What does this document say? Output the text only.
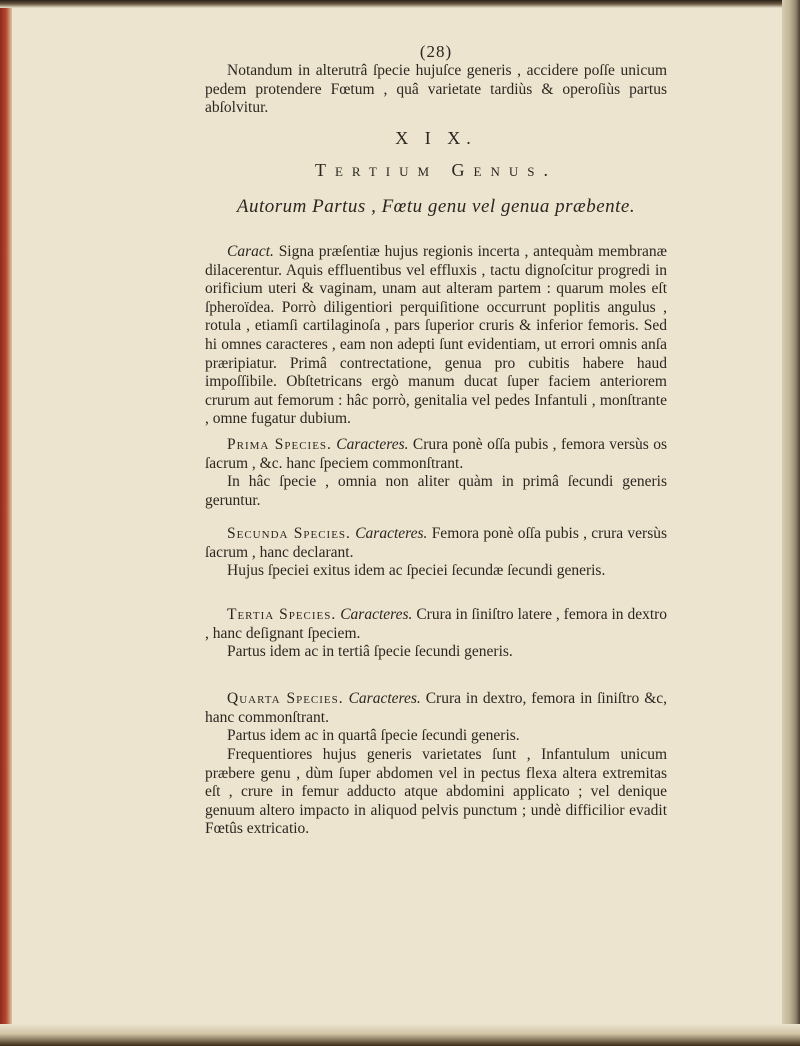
(28)
Notandum in alterutrâ ſpecie hujuſce generis , accidere poſſe unicum pedem protendere Fœtum , quâ varietate tardiùs & operoſiùs partus abſolvitur.
X I X.
Tertium Genus.
Autorum Partus , Fœtu genu vel genua præbente.
Caract. Signa præſentiæ hujus regionis incerta , antequàm membranæ dilacerentur. Aquis effluentibus vel effluxis , tactu dignoſcitur progredi in orificium uteri & vaginam, unam aut alteram partem : quarum moles eſt ſpheroïdea. Porrò diligentiori perquiſitione occurrunt poplitis angulus , rotula , etiamſi cartilaginoſa , pars ſuperior cruris & inferior femoris. Sed hi omnes caracteres , eam non adepti ſunt evidentiam, ut errori omnis anſa præripiatur. Primâ contrectatione, genua pro cubitis habere haud impoſſibile. Obſtetricans ergò manum ducat ſuper faciem anteriorem crurum aut femorum : hâc porrò, genitalia vel pedes Infantuli , monſtrante , omne fugatur dubium.
Prima Species. Caracteres. Crura ponè oſſa pubis , femora versùs os ſacrum , &c. hanc ſpeciem commonſtrant.
In hâc ſpecie , omnia non aliter quàm in primâ ſecundi generis geruntur.
Secunda Species. Caracteres. Femora ponè oſſa pubis , crura versùs ſacrum , hanc declarant.
Hujus ſpeciei exitus idem ac ſpeciei ſecundæ ſecundi generis.
Tertia Species. Caracteres. Crura in ſiniſtro latere , femora in dextro , hanc deſignant ſpeciem.
Partus idem ac in tertiâ ſpecie ſecundi generis.
Quarta Species. Caracteres. Crura in dextro, femora in ſiniſtro &c, hanc commonſtrant.
Partus idem ac in quartâ ſpecie ſecundi generis.
Frequentiores hujus generis varietates ſunt , Infantulum unicum præbere genu , dùm ſuper abdomen vel in pectus flexa altera extremitas eſt , crure in femur adducto atque abdomini applicato ; vel denique genuum altero impacto in aliquod pelvis punctum ; undè difficilior evadit Fœtûs extricatio.
